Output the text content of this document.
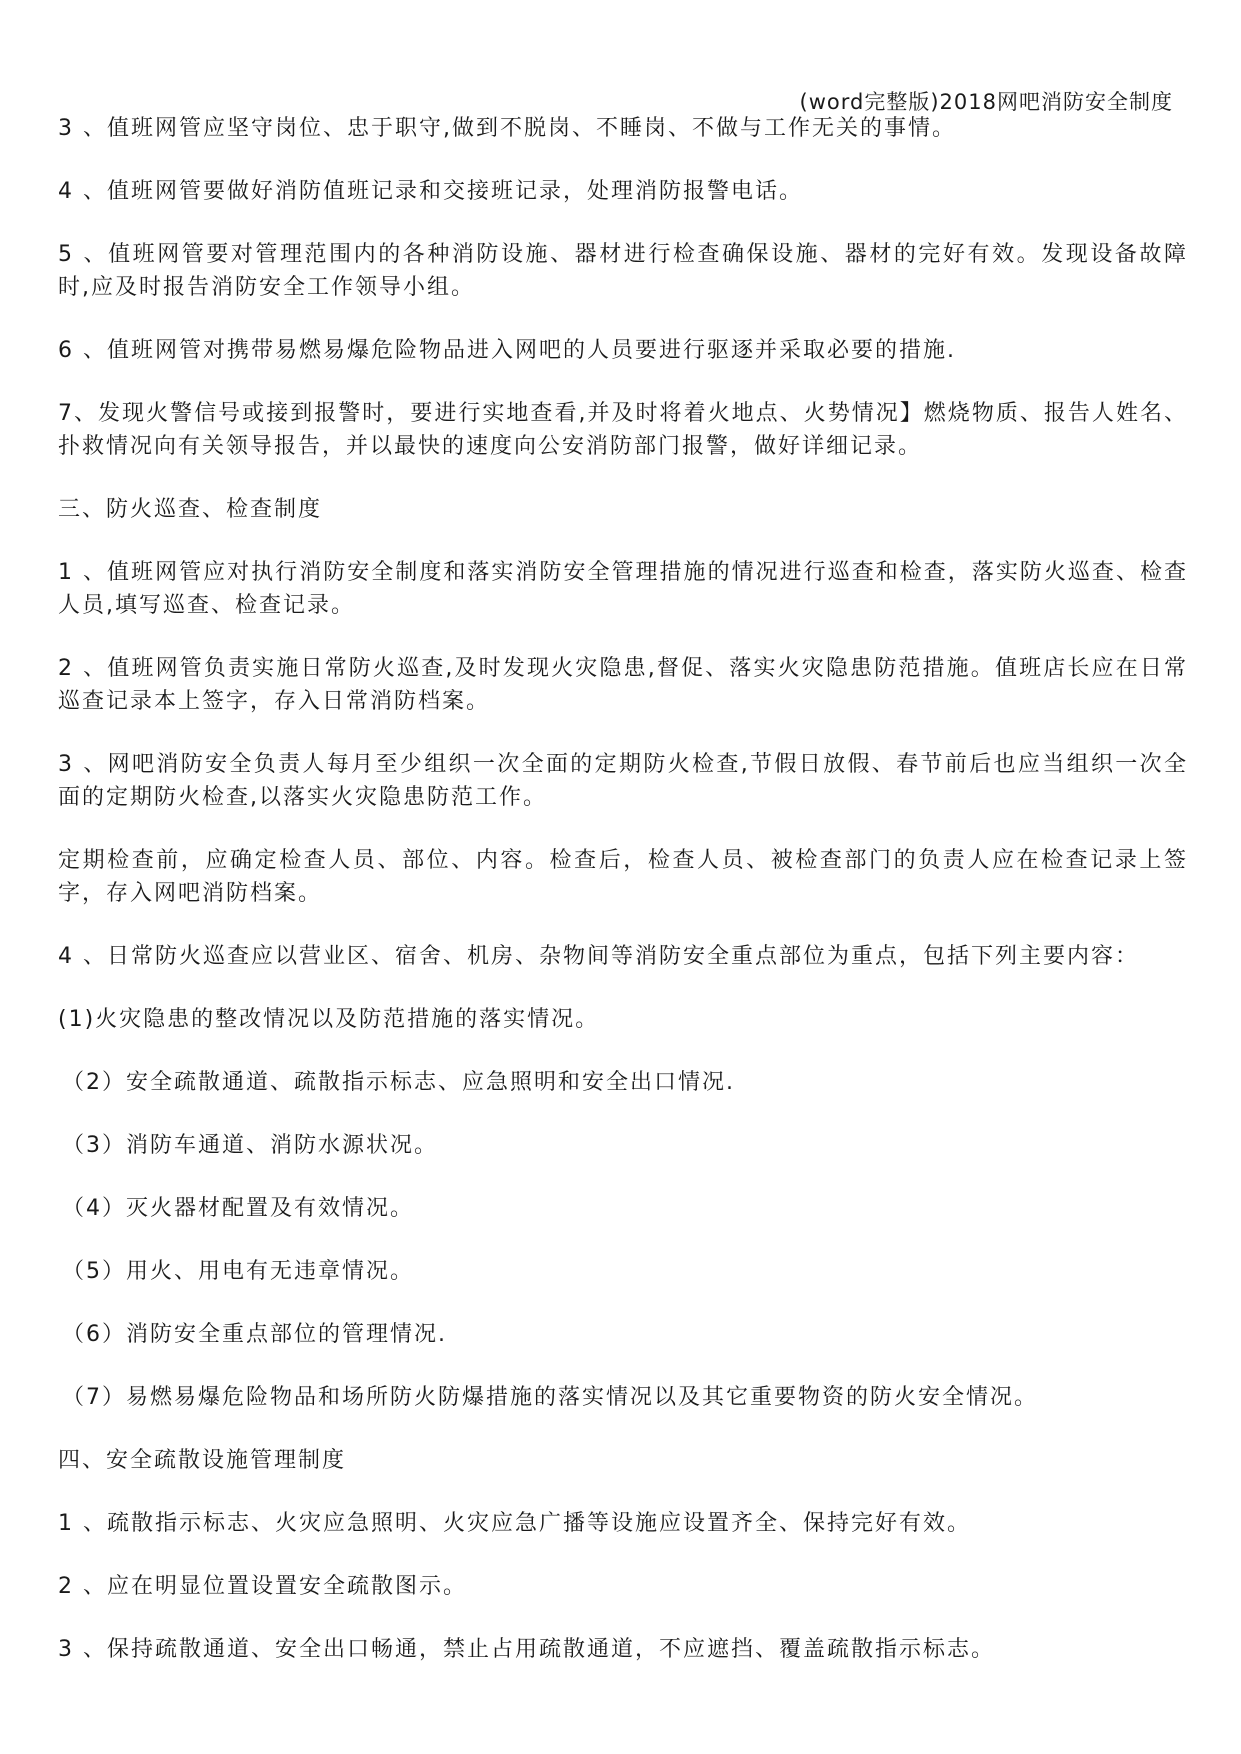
(word完整版)2018网吧消防安全制度

3 、值班网管应坚守岗位、忠于职守,做到不脱岗、不睡岗、不做与工作无关的事情。

4 、值班网管要做好消防值班记录和交接班记录，处理消防报警电话。

5 、值班网管要对管理范围内的各种消防设施、器材进行检查确保设施、器材的完好有效。发现设备故障时,应及时报告消防安全工作领导小组。

6 、值班网管对携带易燃易爆危险物品进入网吧的人员要进行驱逐并采取必要的措施.

7、发现火警信号或接到报警时，要进行实地查看,并及时将着火地点、火势情况】燃烧物质、报告人姓名、扑救情况向有关领导报告，并以最快的速度向公安消防部门报警，做好详细记录。

三、防火巡查、检查制度

1 、值班网管应对执行消防安全制度和落实消防安全管理措施的情况进行巡查和检查，落实防火巡查、检查人员,填写巡查、检查记录。

2 、值班网管负责实施日常防火巡查,及时发现火灾隐患,督促、落实火灾隐患防范措施。值班店长应在日常巡查记录本上签字，存入日常消防档案。

3 、网吧消防安全负责人每月至少组织一次全面的定期防火检查,节假日放假、春节前后也应当组织一次全面的定期防火检查,以落实火灾隐患防范工作。

定期检查前，应确定检查人员、部位、内容。检查后，检查人员、被检查部门的负责人应在检查记录上签字，存入网吧消防档案。

4 、日常防火巡查应以营业区、宿舍、机房、杂物间等消防安全重点部位为重点，包括下列主要内容：

(1)火灾隐患的整改情况以及防范措施的落实情况。

（2）安全疏散通道、疏散指示标志、应急照明和安全出口情况.

（3）消防车通道、消防水源状况。

（4）灭火器材配置及有效情况。

（5）用火、用电有无违章情况。

（6）消防安全重点部位的管理情况.

（7）易燃易爆危险物品和场所防火防爆措施的落实情况以及其它重要物资的防火安全情况。

四、安全疏散设施管理制度

1 、疏散指示标志、火灾应急照明、火灾应急广播等设施应设置齐全、保持完好有效。

2 、应在明显位置设置安全疏散图示。

3 、保持疏散通道、安全出口畅通，禁止占用疏散通道，不应遮挡、覆盖疏散指示标志。
